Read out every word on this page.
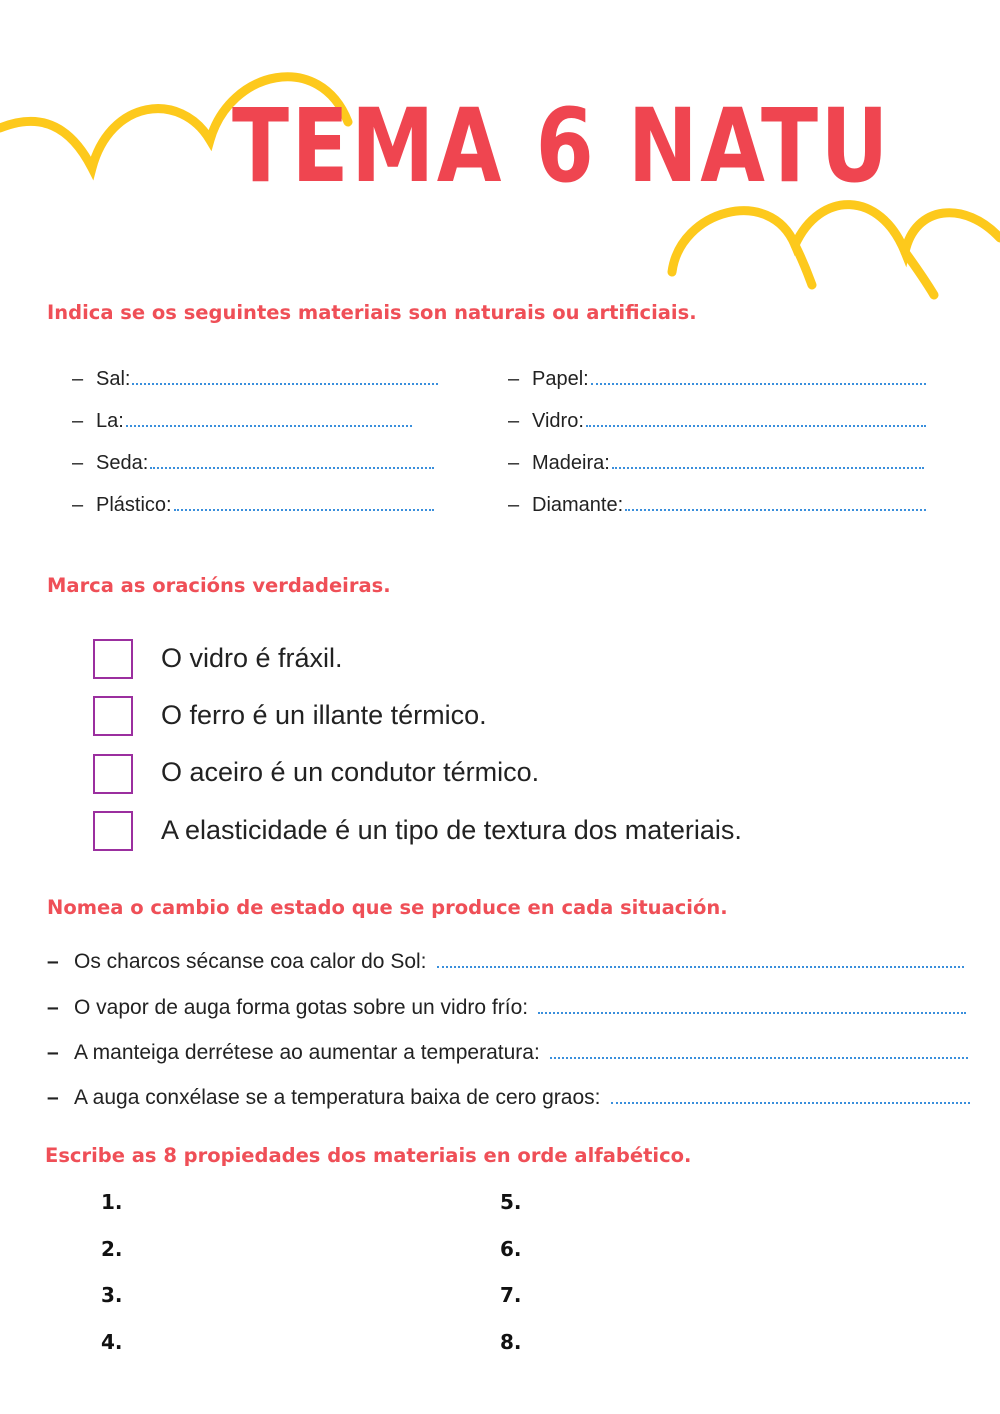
TEMA 6 NATU
Indica se os seguintes materiais son naturais ou artificiais.
– Sal:
– La:
– Seda:
– Plástico:
– Papel:
– Vidro:
– Madeira:
– Diamante:
Marca as oracións verdadeiras.
O vidro é fráxil.
O ferro é un illante térmico.
O aceiro é un condutor térmico.
A elasticidade é un tipo de textura dos materiais.
Nomea o cambio de estado que se produce en cada situación.
– Os charcos sécanse coa calor do Sol:
– O vapor de auga forma gotas sobre un vidro frío:
– A manteiga derrétese ao aumentar a temperatura:
– A auga conxélase se a temperatura baixa de cero graos:
Escribe as 8 propiedades dos materiais en orde alfabético.
1.
2.
3.
4.
5.
6.
7.
8.
